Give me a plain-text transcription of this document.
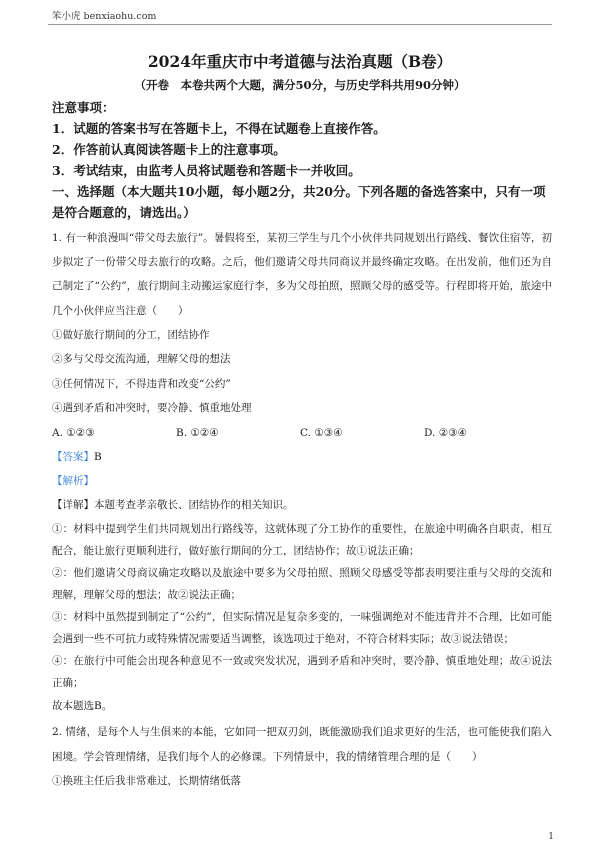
笨小虎 benxiaohu.com
2024年重庆市中考道德与法治真题（B卷）
（开卷　本卷共两个大题，满分50分，与历史学科共用90分钟）
注意事项：
1．试题的答案书写在答题卡上，不得在试题卷上直接作答。
2．作答前认真阅读答题卡上的注意事项。
3．考试结束，由监考人员将试题卷和答题卡一并收回。
一、选择题（本大题共10小题，每小题2分，共20分。下列各题的备选答案中，只有一项
是符合题意的，请选出。）
1. 有一种浪漫叫“带父母去旅行”。暑假将至，某初三学生与几个小伙伴共同规划出行路线、餐饮住宿等，初步拟定了一份带父母去旅行的攻略。之后，他们邀请父母共同商议并最终确定攻略。在出发前，他们还为自己制定了“公约”，旅行期间主动搬运家庭行李，多为父母拍照，照顾父母的感受等。行程即将开始，旅途中几个小伙伴应当注意（　　）
①做好旅行期间的分工，团结协作
②多与父母交流沟通，理解父母的想法
③任何情况下，不得违背和改变“公约”
④遇到矛盾和冲突时，要冷静、慎重地处理
A. ①②③	B. ①②④	C. ①③④	D. ②③④
【答案】B
【解析】
【详解】本题考查孝亲敬长、团结协作的相关知识。
①：材料中提到学生们共同规划出行路线等，这就体现了分工协作的重要性，在旅途中明确各自职责，相互配合，能让旅行更顺利进行，做好旅行期间的分工，团结协作；故①说法正确；
②：他们邀请父母商议确定攻略以及旅途中要多为父母拍照、照顾父母感受等都表明要注重与父母的交流和理解，理解父母的想法；故②说法正确；
③：材料中虽然提到制定了“公约”，但实际情况是复杂多变的，一味强调绝对不能违背并不合理，比如可能会遇到一些不可抗力或特殊情况需要适当调整，该选项过于绝对，不符合材料实际；故③说法错误；
④：在旅行中可能会出现各种意见不一致或突发状况，遇到矛盾和冲突时，要冷静、慎重地处理；故④说法正确；
故本题选B。
2. 情绪，是每个人与生俱来的本能，它如同一把双刃剑，既能激励我们追求更好的生活，也可能使我们陷入困境。学会管理情绪，是我们每个人的必修课。下列情景中，我的情绪管理合理的是（　　）
①换班主任后我非常难过，长期情绪低落
1
